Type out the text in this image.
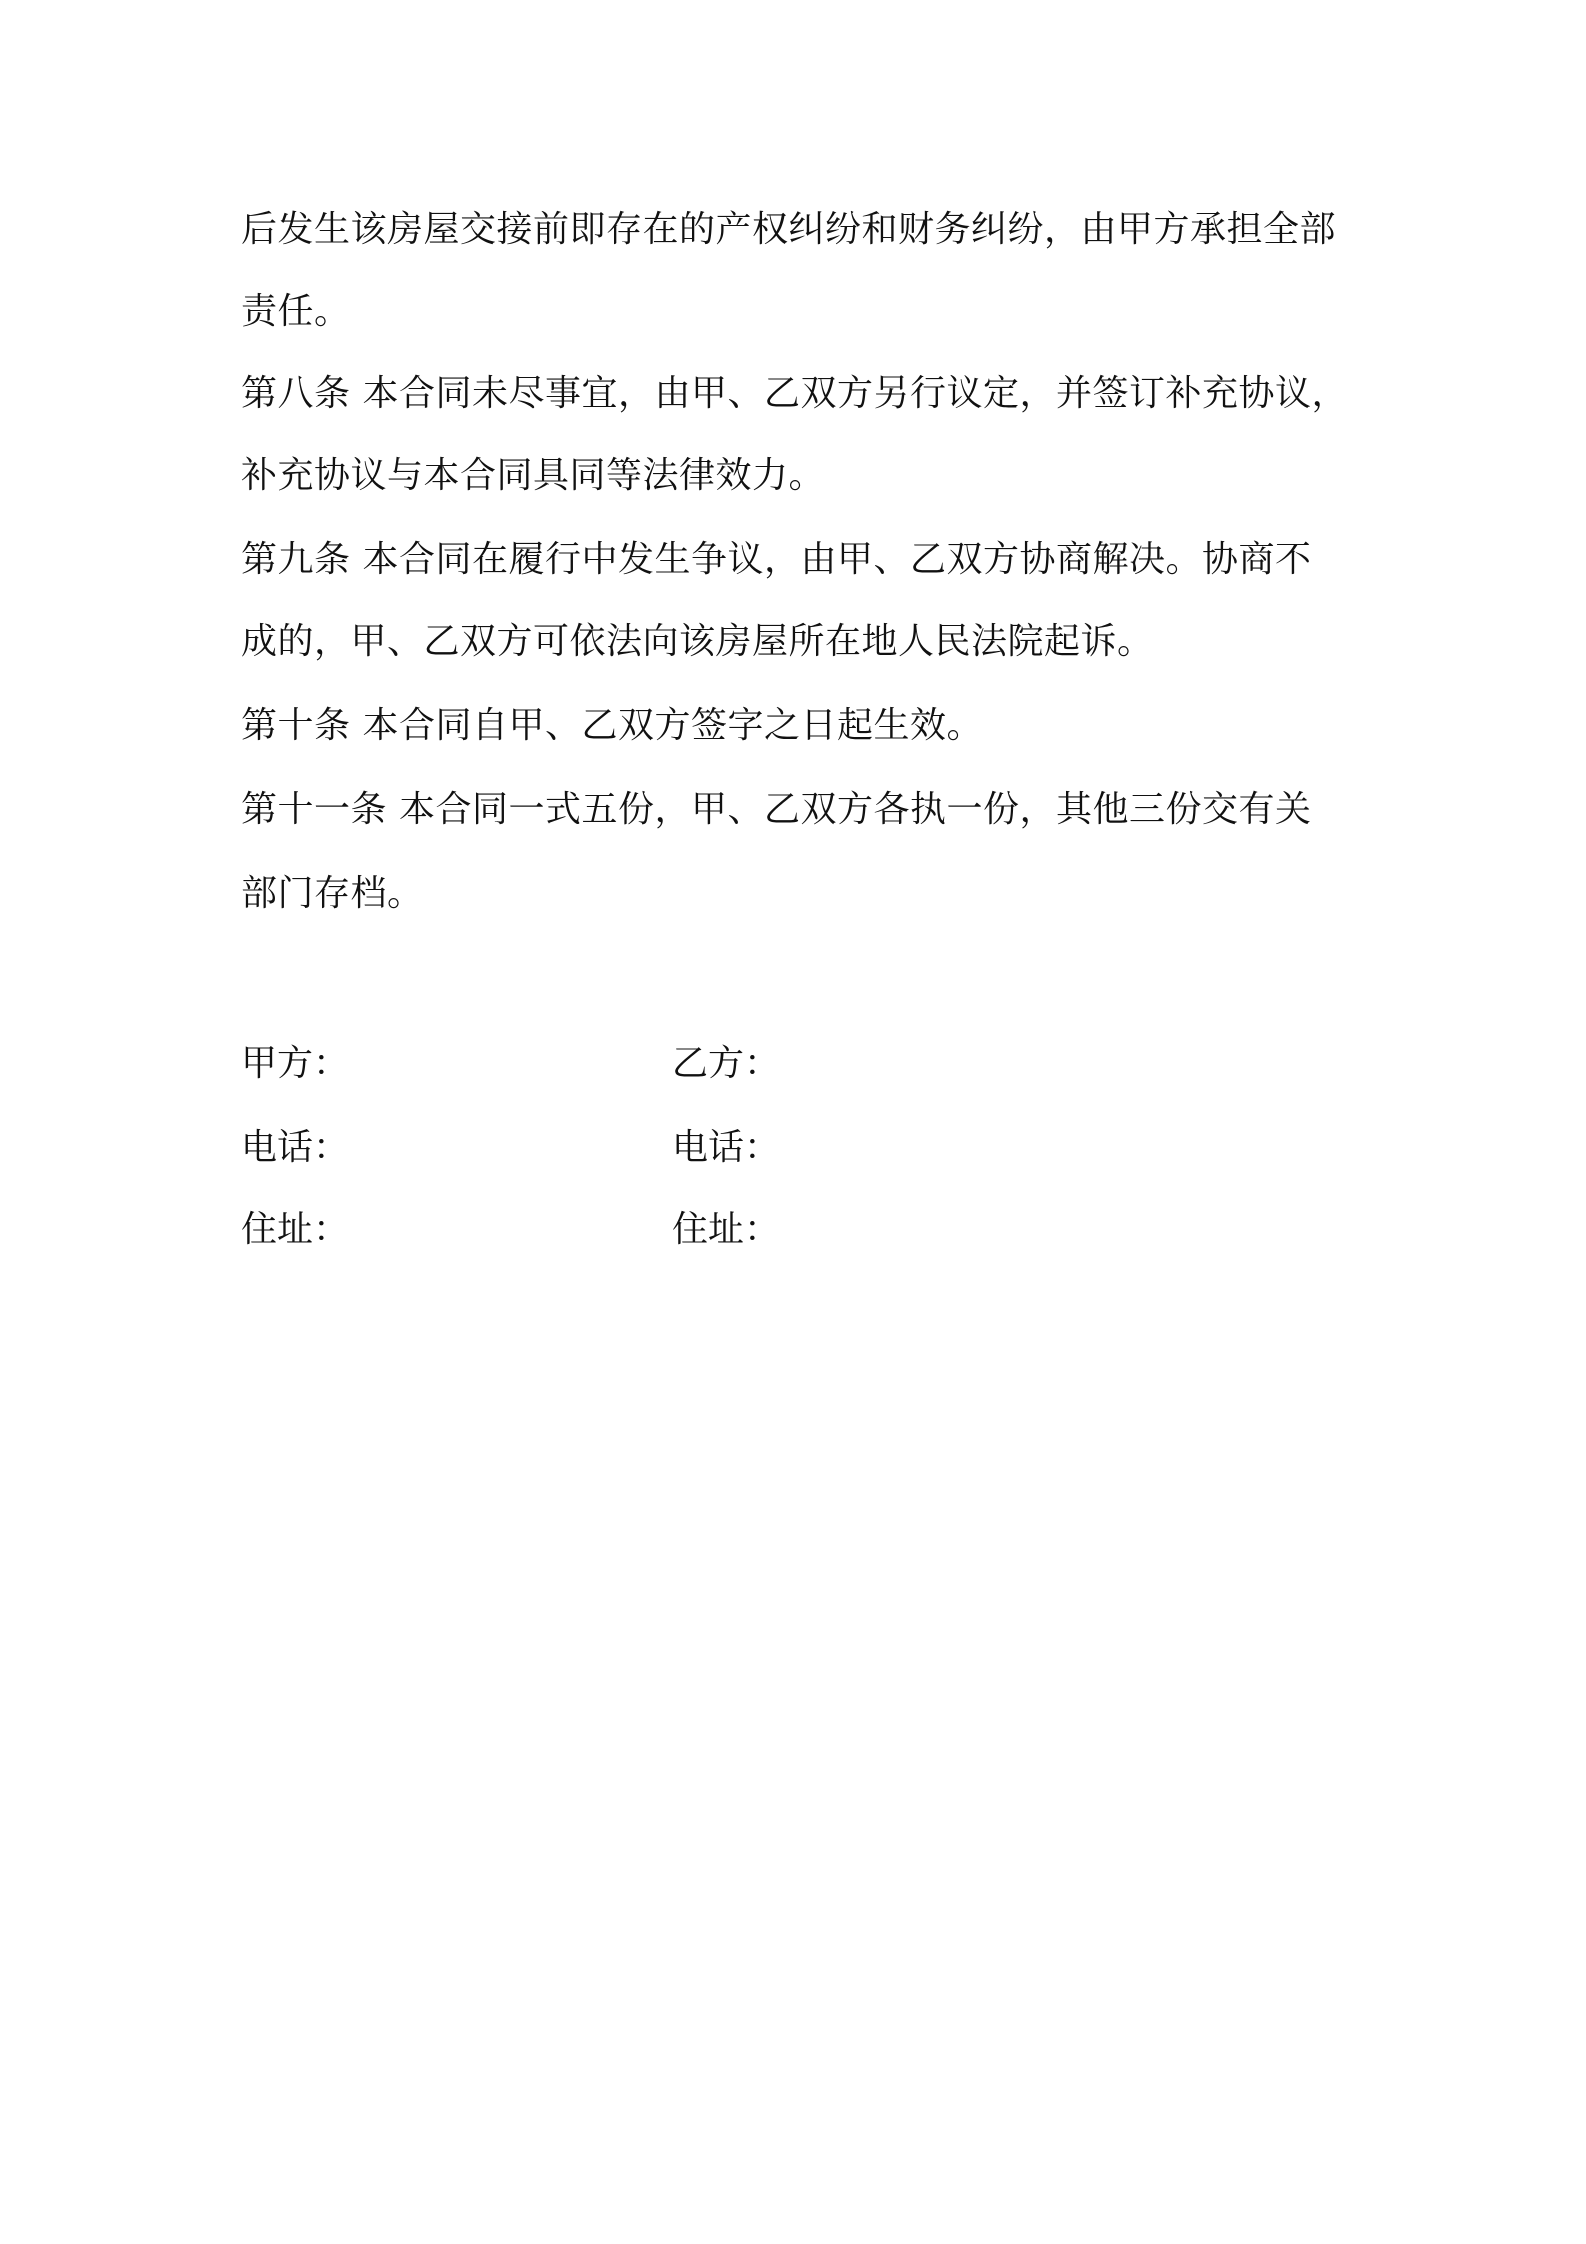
后发生该房屋交接前即存在的产权纠纷和财务纠纷，由甲方承担全部
责任。
第八条 本合同未尽事宜，由甲、乙双方另行议定，并签订补充协议，
补充协议与本合同具同等法律效力。
第九条 本合同在履行中发生争议，由甲、乙双方协商解决。协商不
成的，甲、乙双方可依法向该房屋所在地人民法院起诉。
第十条 本合同自甲、乙双方签字之日起生效。
第十一条 本合同一式五份，甲、乙双方各执一份，其他三份交有关
部门存档。
甲方：	乙方：
电话：	电话：
住址：	住址：
